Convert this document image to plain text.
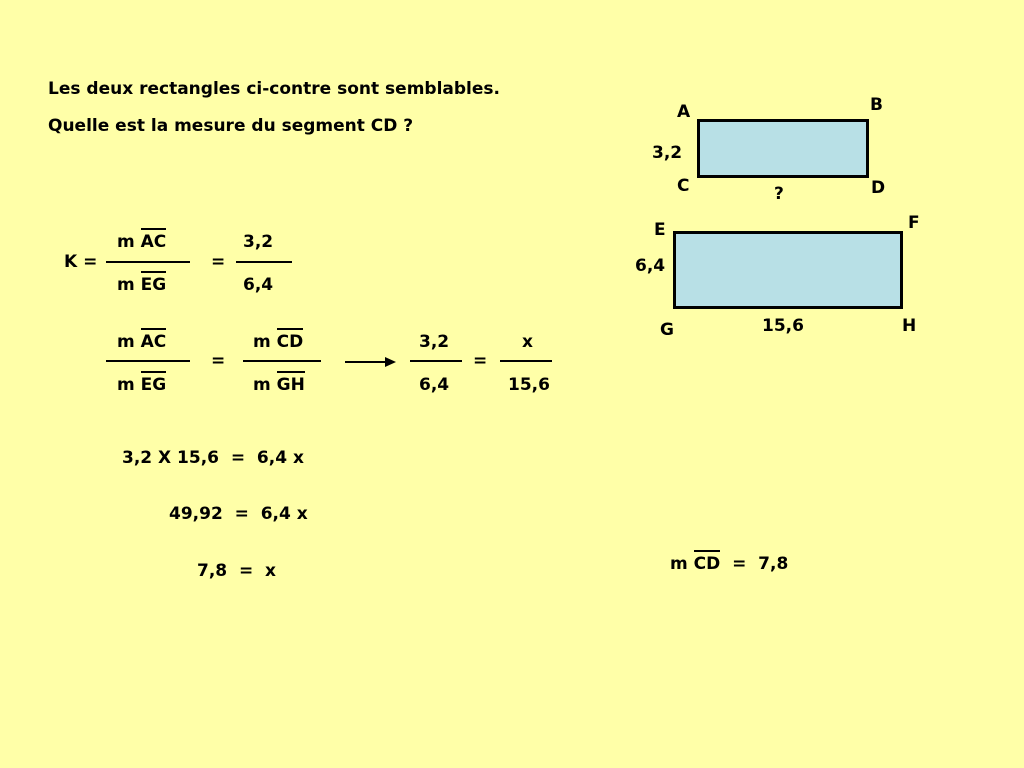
Les deux rectangles ci-contre sont semblables.
Quelle est la mesure du segment CD ?
A	B
C	D
3,2
?
E	F
G	H
6,4
15,6
K =
m AC
m EG
=
3,2
6,4
m AC
m EG
=
m CD
m GH
3,2
6,4
=
x
15,6
3,2 X 15,6  =  6,4 x
49,92  =  6,4 x
7,8  =  x	m CD =  7,8
